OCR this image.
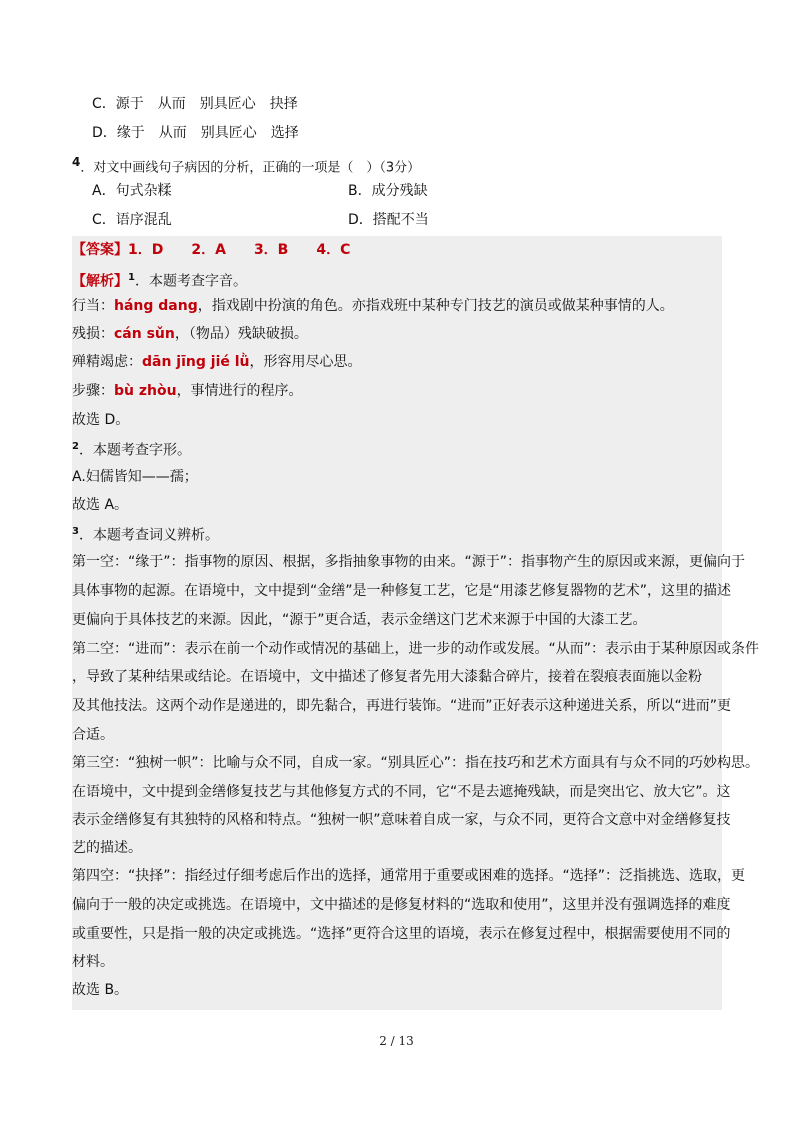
C．源于　从而　别具匠心　抉择
D．缘于　从而　别具匠心　选择
4．对文中画线句子病因的分析，正确的一项是（　）（3分）
A．句式杂糅	B．成分残缺
C．语序混乱	D．搭配不当
【答案】1．D　　2．A　　3．B　　4．C
【解析】$^1$．本题考查字音。
行当：háng dang，指戏剧中扮演的角色。亦指戏班中某种专门技艺的演员或做某种事情的人。
残损：cán sǔn，（物品）残缺破损。
殚精竭虑：dān jīng jié lǜ，形容用尽心思。
步骤：bù zhòu，事情进行的程序。
故选 D。
$^2$．本题考查字形。
A.妇儒皆知——孺；
故选 A。
$^3$．本题考查词义辨析。
第一空：“缘于”：指事物的原因、根据，多指抽象事物的由来。“源于”：指事物产生的原因或来源，更偏向于
具体事物的起源。在语境中，文中提到“金缮”是一种修复工艺，它是“用漆艺修复器物的艺术”，这里的描述
更偏向于具体技艺的来源。因此，“源于”更合适，表示金缮这门艺术来源于中国的大漆工艺。
第二空：“进而”：表示在前一个动作或情况的基础上，进一步的动作或发展。“从而”：表示由于某种原因或条件
，导致了某种结果或结论。在语境中，文中描述了修复者先用大漆黏合碎片，接着在裂痕表面施以金粉
及其他技法。这两个动作是递进的，即先黏合，再进行装饰。“进而”正好表示这种递进关系，所以“进而”更
合适。
第三空：“独树一帜”：比喻与众不同，自成一家。“别具匠心”：指在技巧和艺术方面具有与众不同的巧妙构思。
在语境中，文中提到金缮修复技艺与其他修复方式的不同，它“不是去遮掩残缺，而是突出它、放大它”。这
表示金缮修复有其独特的风格和特点。“独树一帜”意味着自成一家，与众不同，更符合文意中对金缮修复技
艺的描述。
第四空：“抉择”：指经过仔细考虑后作出的选择，通常用于重要或困难的选择。“选择”：泛指挑选、选取，更
偏向于一般的决定或挑选。在语境中，文中描述的是修复材料的“选取和使用”，这里并没有强调选择的难度
或重要性，只是指一般的决定或挑选。“选择”更符合这里的语境，表示在修复过程中，根据需要使用不同的
材料。
故选 B。
2 / 13
